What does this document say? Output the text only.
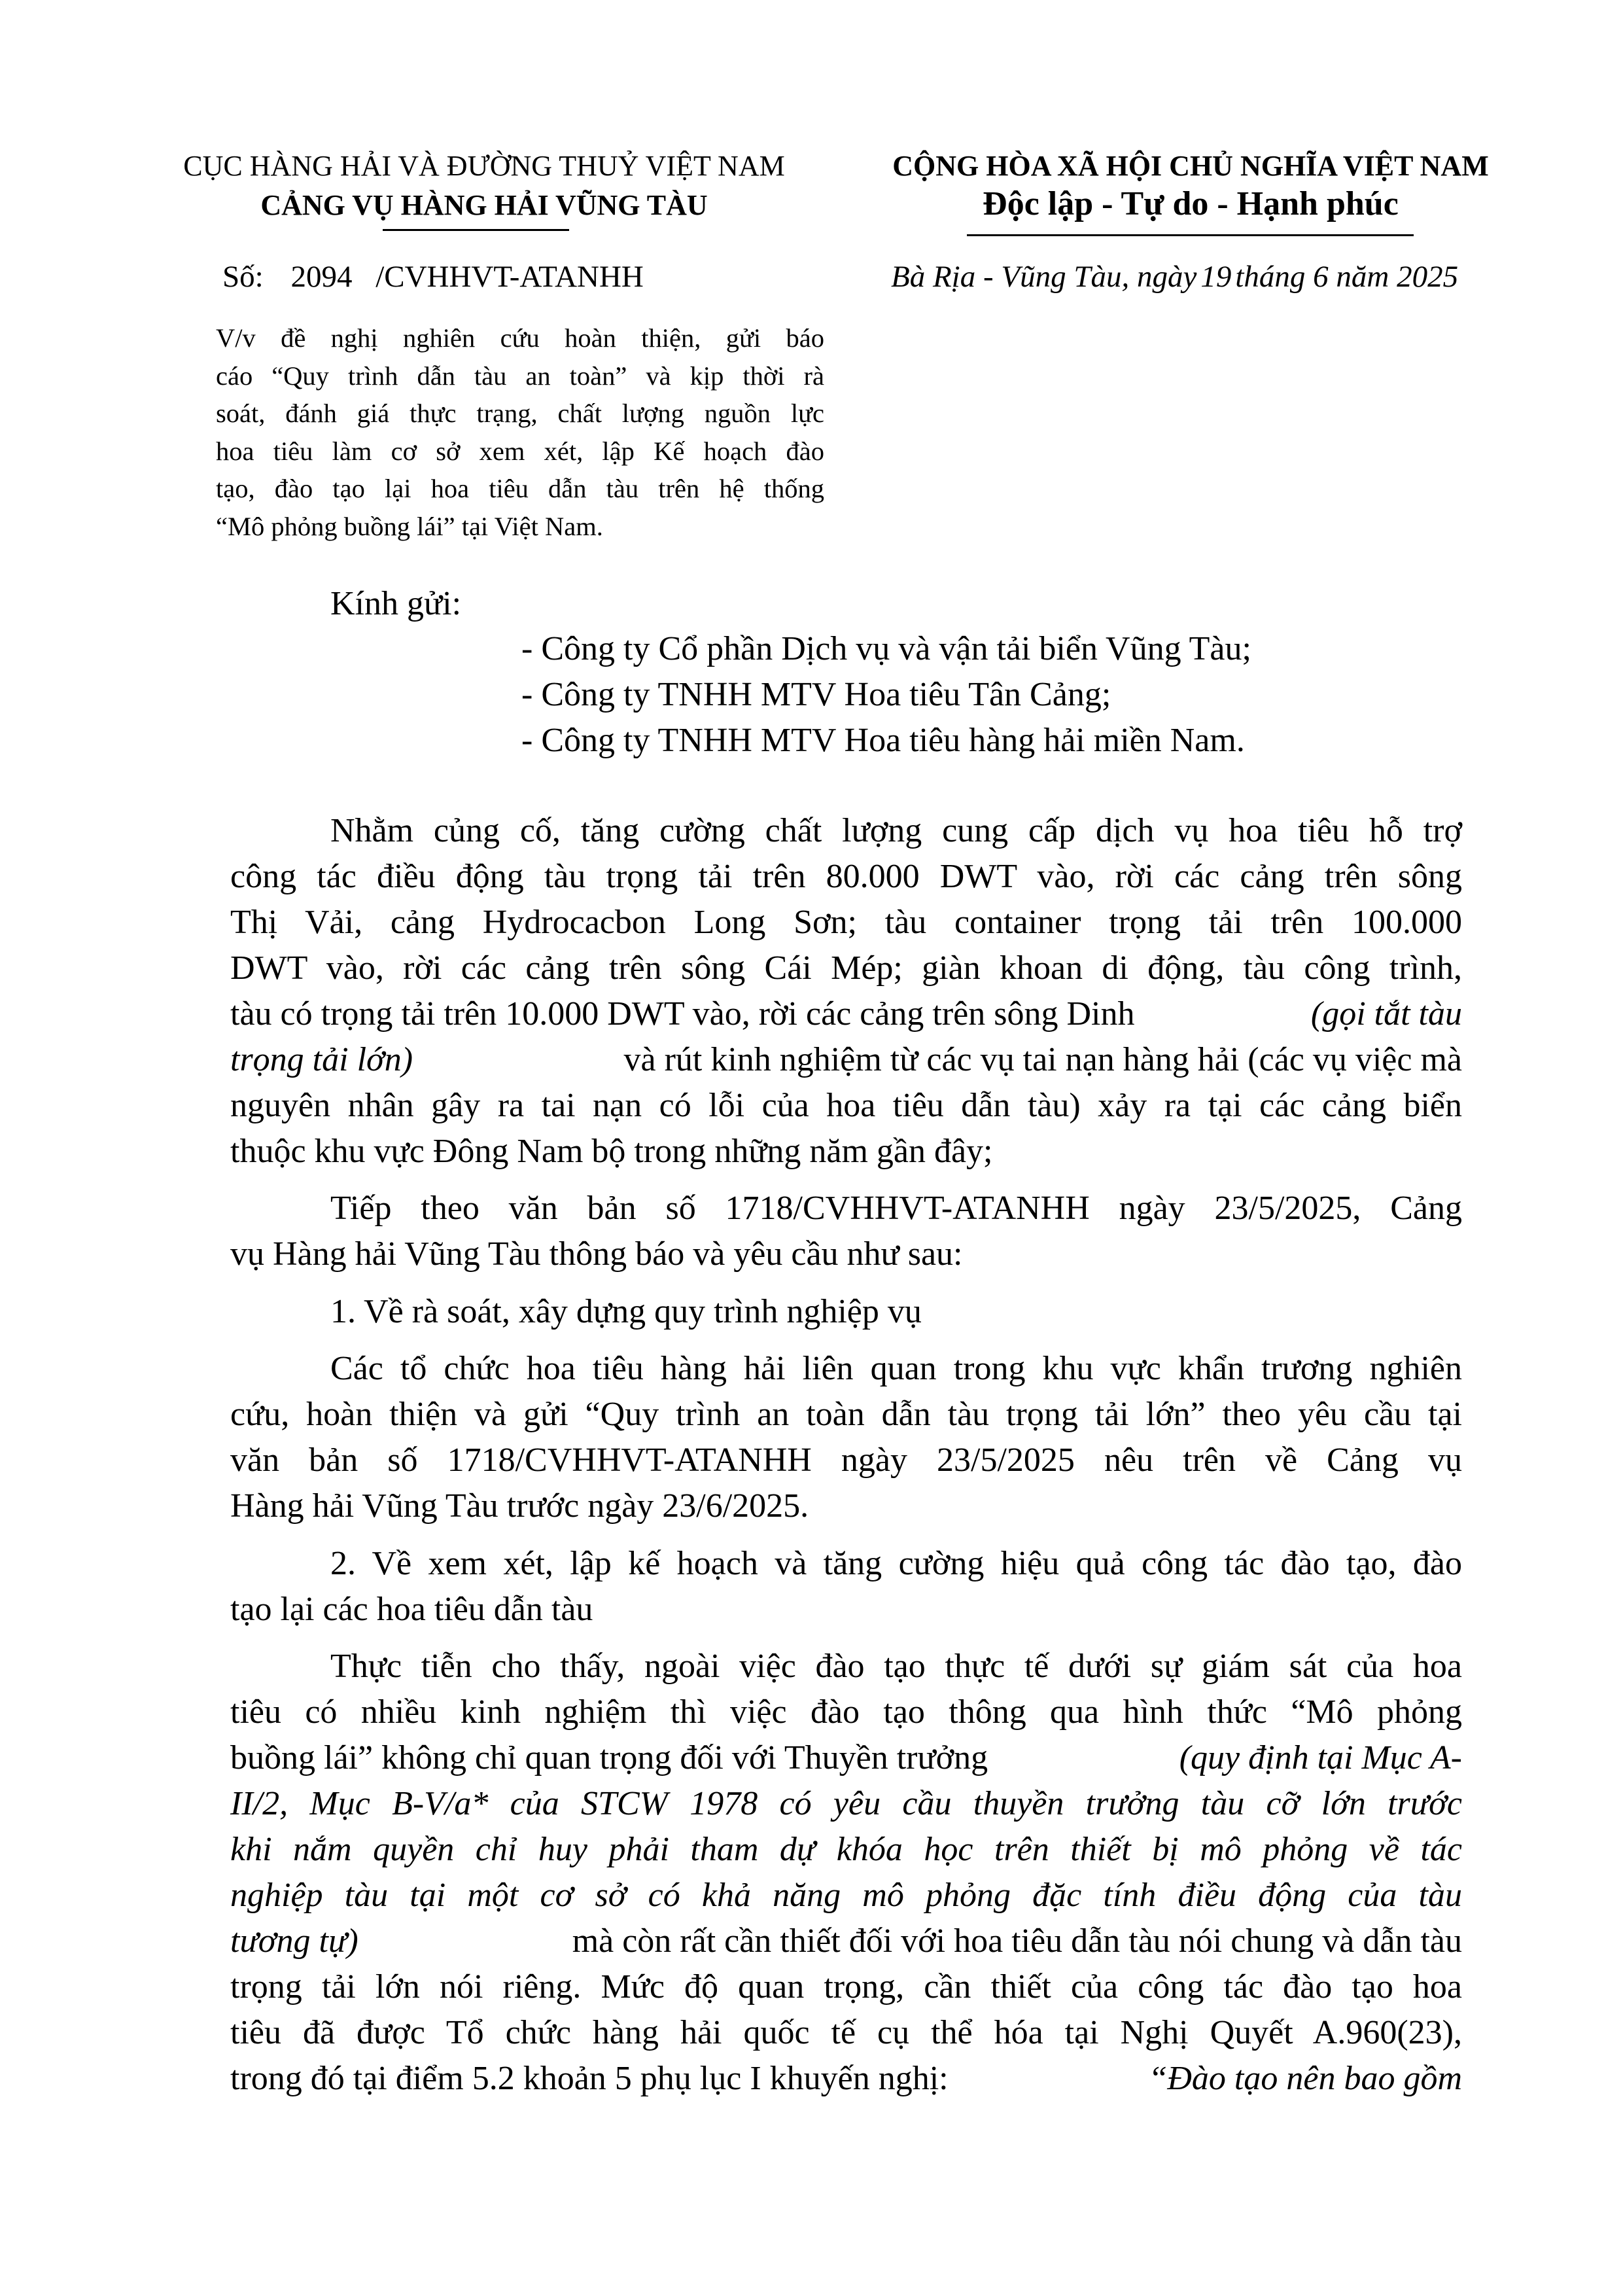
CỤC HÀNG HẢI VÀ ĐƯỜNG THUỶ VIỆT NAM
CẢNG VỤ HÀNG HẢI VŨNG TÀU
CỘNG HÒA XÃ HỘI CHỦ NGHĨA VIỆT NAM
Độc lập - Tự do - Hạnh phúc
Số: 2094 /CVHHVT-ATANHH	Bà Rịa - Vũng Tàu, ngày 19 tháng 6 năm 2025
V/v đề nghị nghiên cứu hoàn thiện, gửi báo
cáo “Quy trình dẫn tàu an toàn” và kịp thời rà
soát, đánh giá thực trạng, chất lượng nguồn lực
hoa tiêu làm cơ sở xem xét, lập Kế hoạch đào
tạo, đào tạo lại hoa tiêu dẫn tàu trên hệ thống
“Mô phỏng buồng lái” tại Việt Nam.
Kính gửi:
- Công ty Cổ phần Dịch vụ và vận tải biển Vũng Tàu;
- Công ty TNHH MTV Hoa tiêu Tân Cảng;
- Công ty TNHH MTV Hoa tiêu hàng hải miền Nam.
Nhằm củng cố, tăng cường chất lượng cung cấp dịch vụ hoa tiêu hỗ trợ
công tác điều động tàu trọng tải trên 80.000 DWT vào, rời các cảng trên sông
Thị Vải, cảng Hydrocacbon Long Sơn; tàu container trọng tải trên 100.000
DWT vào, rời các cảng trên sông Cái Mép; giàn khoan di động, tàu công trình,
tàu có trọng tải trên 10.000 DWT vào, rời các cảng trên sông Dinh	(gọi tắt tàu
trọng tải lớn)	và rút kinh nghiệm từ các vụ tai nạn hàng hải (các vụ việc mà
nguyên nhân gây ra tai nạn có lỗi của hoa tiêu dẫn tàu) xảy ra tại các cảng biển
thuộc khu vực Đông Nam bộ trong những năm gần đây;
Tiếp theo văn bản số 1718/CVHHVT-ATANHH ngày 23/5/2025, Cảng
vụ Hàng hải Vũng Tàu thông báo và yêu cầu như sau:
1. Về rà soát, xây dựng quy trình nghiệp vụ
Các tổ chức hoa tiêu hàng hải liên quan trong khu vực khẩn trương nghiên
cứu, hoàn thiện và gửi “Quy trình an toàn dẫn tàu trọng tải lớn” theo yêu cầu tại
văn bản số 1718/CVHHVT-ATANHH ngày 23/5/2025 nêu trên về Cảng vụ
Hàng hải Vũng Tàu trước ngày 23/6/2025.
2. Về xem xét, lập kế hoạch và tăng cường hiệu quả công tác đào tạo, đào
tạo lại các hoa tiêu dẫn tàu
Thực tiễn cho thấy, ngoài việc đào tạo thực tế dưới sự giám sát của hoa
tiêu có nhiều kinh nghiệm thì việc đào tạo thông qua hình thức “Mô phỏng
buồng lái” không chỉ quan trọng đối với Thuyền trưởng	(quy định tại Mục A-
II/2, Mục B-V/a* của STCW 1978 có yêu cầu thuyền trưởng tàu cỡ lớn trước
khi nắm quyền chỉ huy phải tham dự khóa học trên thiết bị mô phỏng về tác
nghiệp tàu tại một cơ sở có khả năng mô phỏng đặc tính điều động của tàu
tương tự)	mà còn rất cần thiết đối với hoa tiêu dẫn tàu nói chung và dẫn tàu
trọng tải lớn nói riêng. Mức độ quan trọng, cần thiết của công tác đào tạo hoa
tiêu đã được Tổ chức hàng hải quốc tế cụ thể hóa tại Nghị Quyết A.960(23),
trong đó tại điểm 5.2 khoản 5 phụ lục I khuyến nghị:	“Đào tạo nên bao gồm
